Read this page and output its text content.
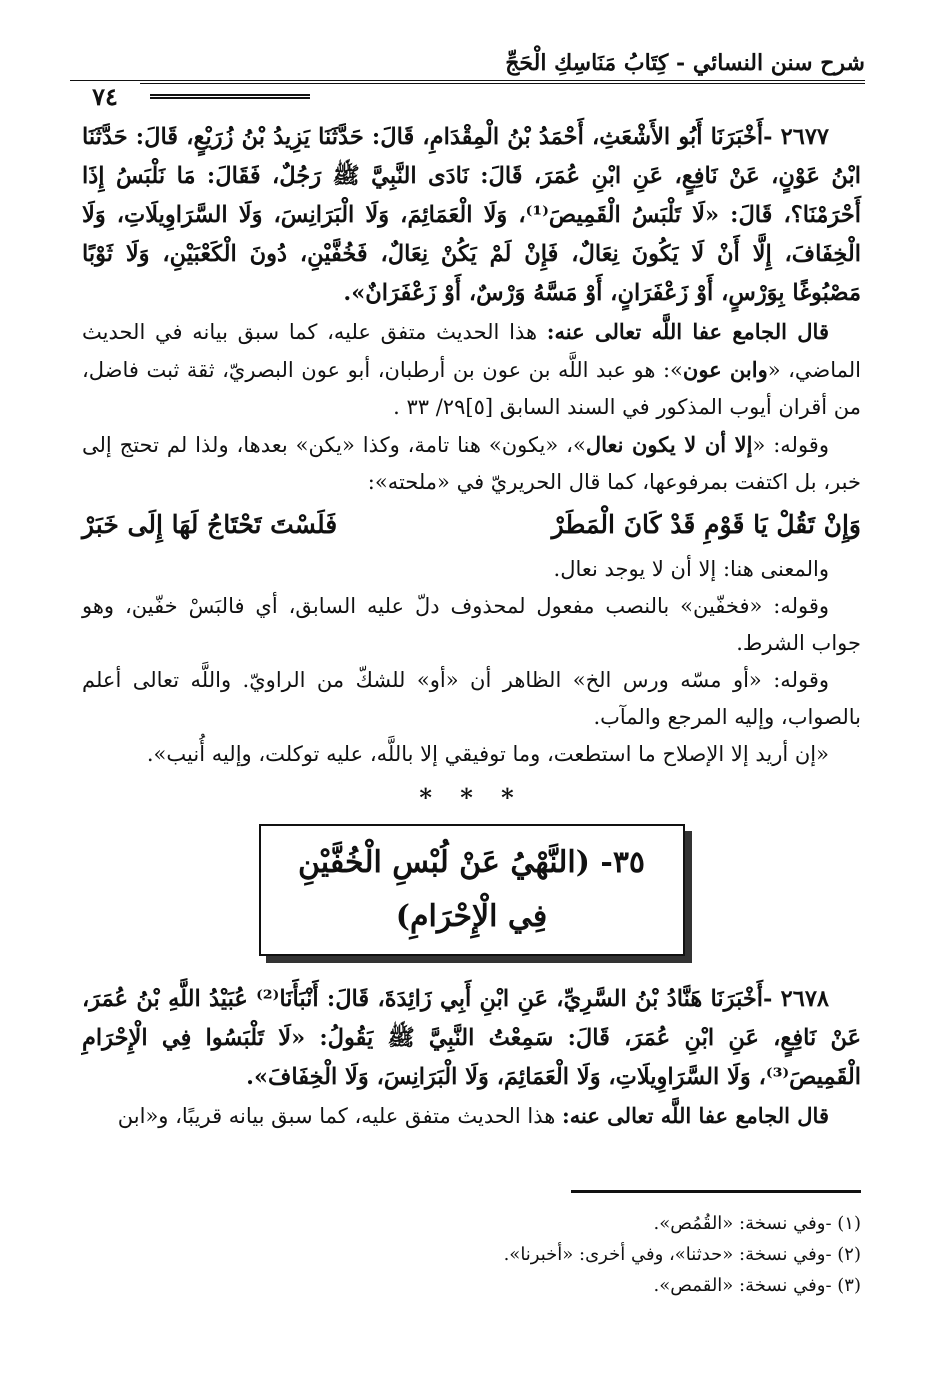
شرح سنن النسائي - كِتَابُ مَنَاسِكِ الْحَجِّ
٧٤

٢٦٧٧ -أَخْبَرَنَا أَبُو الأَشْعَثِ، أَحْمَدُ بْنُ الْمِقْدَامِ، قَالَ: حَدَّثَنَا يَزِيدُ بْنُ زُرَيْعٍ، قَالَ: حَدَّثَنَا ابْنُ عَوْنٍ، عَنْ نَافِعٍ، عَنِ ابْنِ عُمَرَ، قَالَ: نَادَى النَّبِيَّ ﷺ رَجُلٌ، فَقَالَ: مَا نَلْبَسُ إِذَا أَحْرَمْنَا؟، قَالَ: «لَا تَلْبَسُ الْقَمِيصَ⁽¹⁾، وَلَا الْعَمَائِمَ، وَلَا الْبَرَانِسَ، وَلَا السَّرَاوِيلَاتِ، وَلَا الْخِفَافَ، إِلَّا أَنْ لَا يَكُونَ نِعَالٌ، فَإِنْ لَمْ يَكُنْ نِعَالٌ، فَخُفَّيْنِ، دُونَ الْكَعْبَيْنِ، وَلَا ثَوْبًا مَصْبُوغًا بِوَرْسٍ، أَوْ زَعْفَرَانٍ، أَوْ مَسَّهُ وَرْسٌ، أَوْ زَعْفَرَانٌ».

قال الجامع عفا اللَّه تعالى عنه: هذا الحديث متفق عليه، كما سبق بيانه في الحديث الماضي، «وابن عون»: هو عبد اللَّه بن عون بن أرطبان، أبو عون البصريّ، ثقة ثبت فاضل، من أقران أيوب المذكور في السند السابق [٥]٢٩/ ٣٣ .

وقوله: «إلا أن لا يكون نعال»، «يكون» هنا تامة، وكذا «يكن» بعدها، ولذا لم تحتج إلى خبر، بل اكتفت بمرفوعها، كما قال الحريريّ في «ملحته»:

وَإِنْ تَقُلْ يَا قَوْمِ قَدْ كَانَ الْمَطَرْ
فَلَسْتَ تَحْتَاجُ لَهَا إِلَى خَبَرْ

والمعنى هنا: إلا أن لا يوجد نعال.

وقوله: «فخفّين» بالنصب مفعول لمحذوف دلّ عليه السابق، أي فالبَسْ خفّين، وهو جواب الشرط.

وقوله: «أو مسّه ورس الخ» الظاهر أن «أو» للشكّ من الراويّ. واللَّه تعالى أعلم بالصواب، وإليه المرجع والمآب.

«إن أريد إلا الإصلاح ما استطعت، وما توفيقي إلا باللَّه، عليه توكلت، وإليه أُنيب».

* * *
٣٥- (النَّهْيُ عَنْ لُبْسِ الْخُفَّيْنِ فِي الْإِحْرَامِ)

٢٦٧٨ -أَخْبَرَنَا هَنَّادُ بْنُ السَّرِيِّ، عَنِ ابْنِ أَبِي زَائِدَةَ، قَالَ: أَنْبَأَنَا⁽²⁾ عُبَيْدُ اللَّهِ بْنُ عُمَرَ، عَنْ نَافِعٍ، عَنِ ابْنِ عُمَرَ، قَالَ: سَمِعْتُ النَّبِيَّ ﷺ يَقُولُ: «لَا تَلْبَسُوا فِي الْإِحْرَامِ الْقَمِيصَ⁽³⁾، وَلَا السَّرَاوِيلَاتِ، وَلَا الْعَمَائِمَ، وَلَا الْبَرَانِسَ، وَلَا الْخِفَافَ».

قال الجامع عفا اللَّه تعالى عنه: هذا الحديث متفق عليه، كما سبق بيانه قريبًا، و«ابن

(١) -وفي نسخة: «القُمُص».

(٢) -وفي نسخة: «حدثنا»، وفي أخرى: «أخبرنا».

(٣) -وفي نسخة: «القمص».
